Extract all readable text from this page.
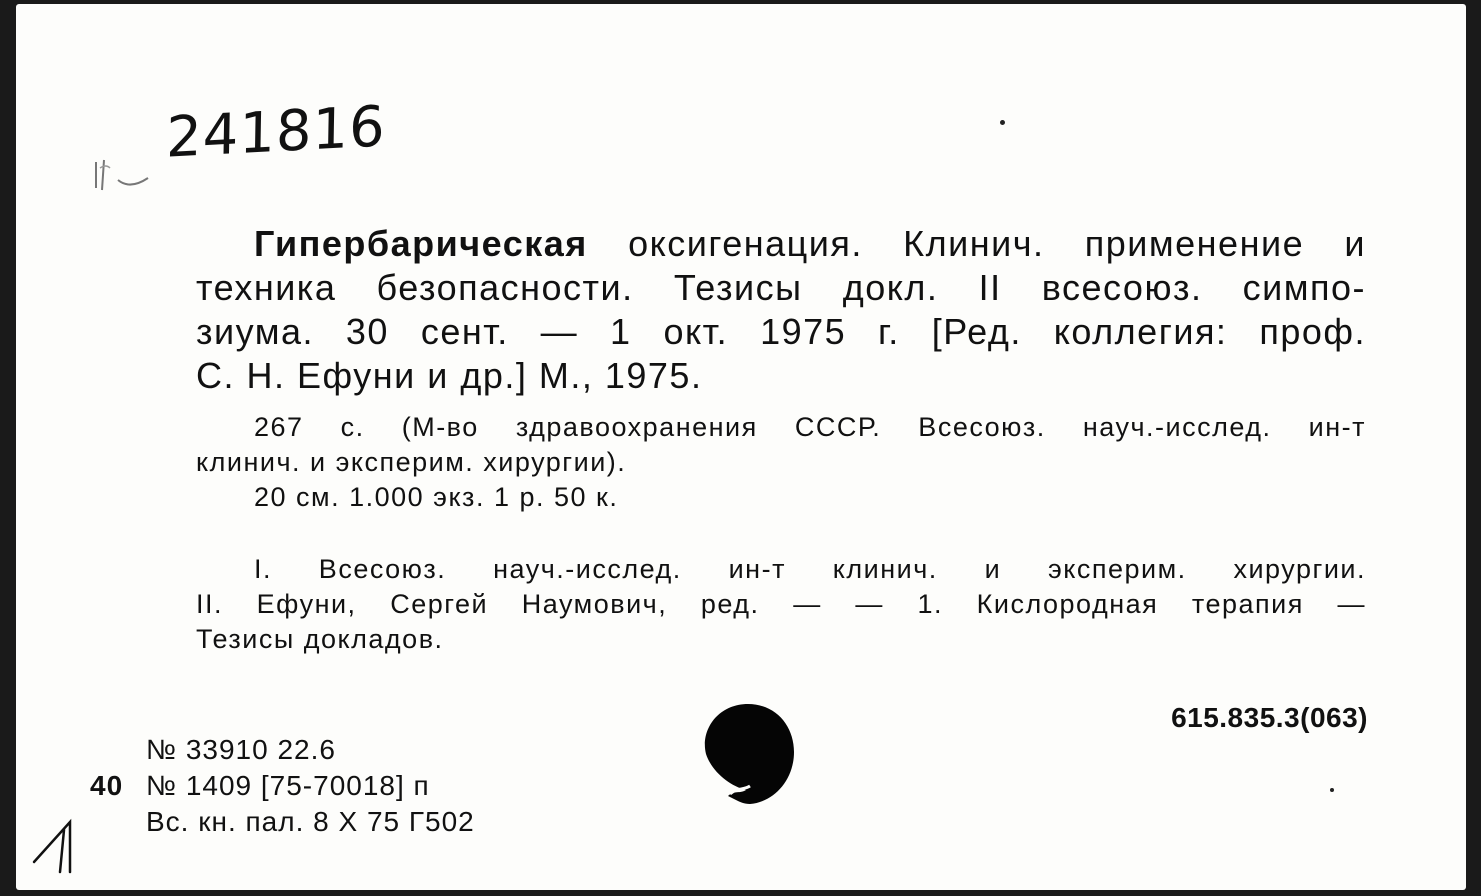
241816
Гипербарическая оксигенация. Клинич. применение и
техника безопасности. Тезисы докл. II всесоюз. симпо-
зиума. 30 сент. — 1 окт. 1975 г. [Ред. коллегия: проф.
С. Н. Ефуни и др.] М., 1975.
267 с. (М-во здравоохранения СССР. Всесоюз. науч.-исслед. ин-т
клинич. и эксперим. хирургии).
20 см. 1.000 экз. 1 р. 50 к.
I. Всесоюз. науч.-исслед. ин-т клинич. и эксперим. хирургии.
II. Ефуни, Сергей Наумович, ред. — — 1. Кислородная терапия —
Тезисы докладов.
615.835.3(063)
№ 33910 22.6
40 № 1409 [75-70018] п
Вс. кн. пал. 8 Х 75 Г502
